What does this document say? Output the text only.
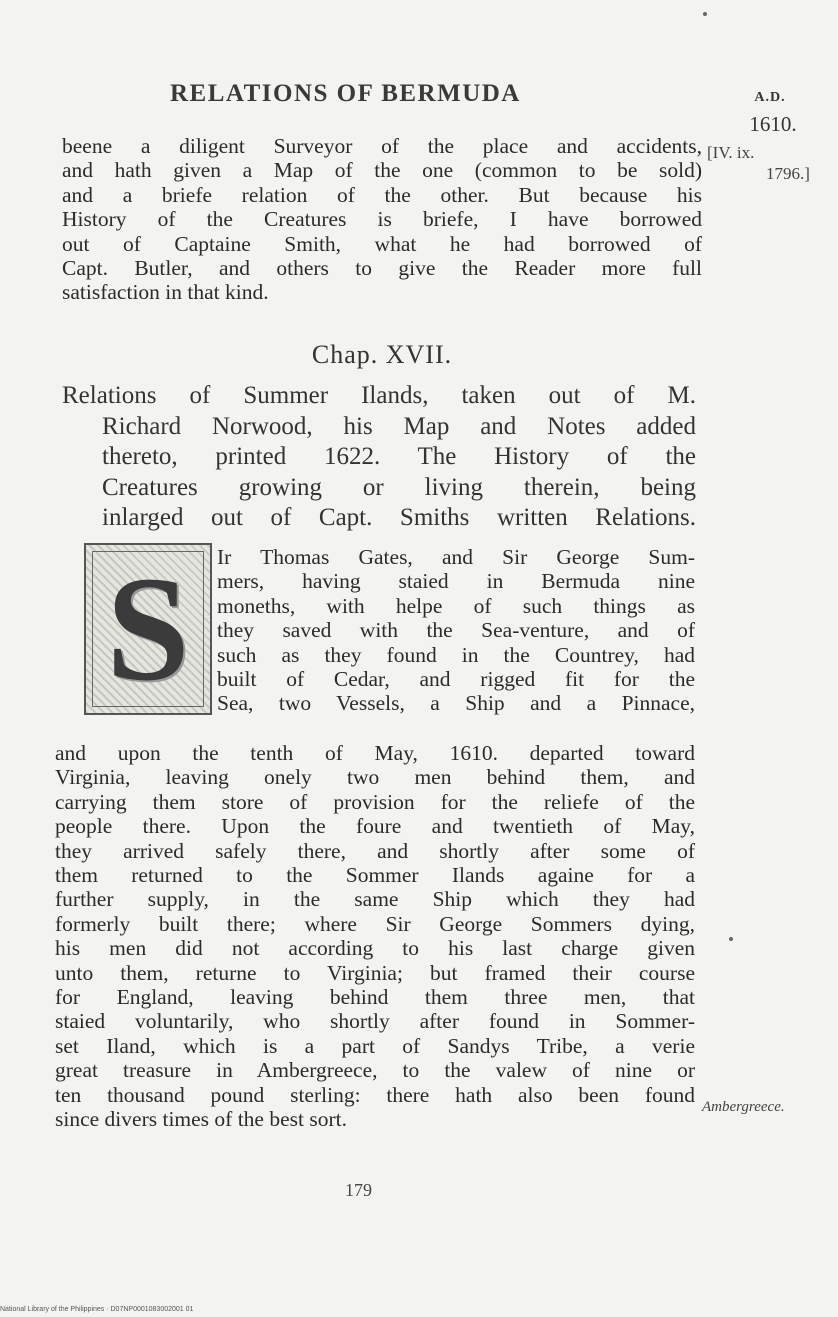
RELATIONS OF BERMUDA	A.D.
1610.
[IV. ix.
1796.]
beene a diligent Surveyor of the place and accidents,
and hath given a Map of the one (common to be sold)
and a briefe relation of the other. But because his
History of the Creatures is briefe, I have borrowed
out of Captaine Smith, what he had borrowed of
Capt. Butler, and others to give the Reader more full
satisfaction in that kind.
Chap. XVII.
Relations of Summer Ilands, taken out of M.
Richard Norwood, his Map and Notes added
thereto, printed 1622. The History of the
Creatures growing or living therein, being
inlarged out of Capt. Smiths written Relations.
S Ir Thomas Gates, and Sir George Sum-
mers, having staied in Bermuda nine
moneths, with helpe of such things as
they saved with the Sea-venture, and of
such as they found in the Countrey, had
built of Cedar, and rigged fit for the
Sea, two Vessels, a Ship and a Pinnace,
and upon the tenth of May, 1610. departed toward
Virginia, leaving onely two men behind them, and
carrying them store of provision for the reliefe of the
people there. Upon the foure and twentieth of May,
they arrived safely there, and shortly after some of
them returned to the Sommer Ilands againe for a
further supply, in the same Ship which they had
formerly built there; where Sir George Sommers dying,
his men did not according to his last charge given
unto them, returne to Virginia; but framed their course
for England, leaving behind them three men, that
staied voluntarily, who shortly after found in Sommer-
set Iland, which is a part of Sandys Tribe, a verie
great treasure in Ambergreece, to the valew of nine or
ten thousand pound sterling: there hath also been found
since divers times of the best sort.
Ambergreece.
179
National Library of the Philippines · D07NP0001083002001 01
